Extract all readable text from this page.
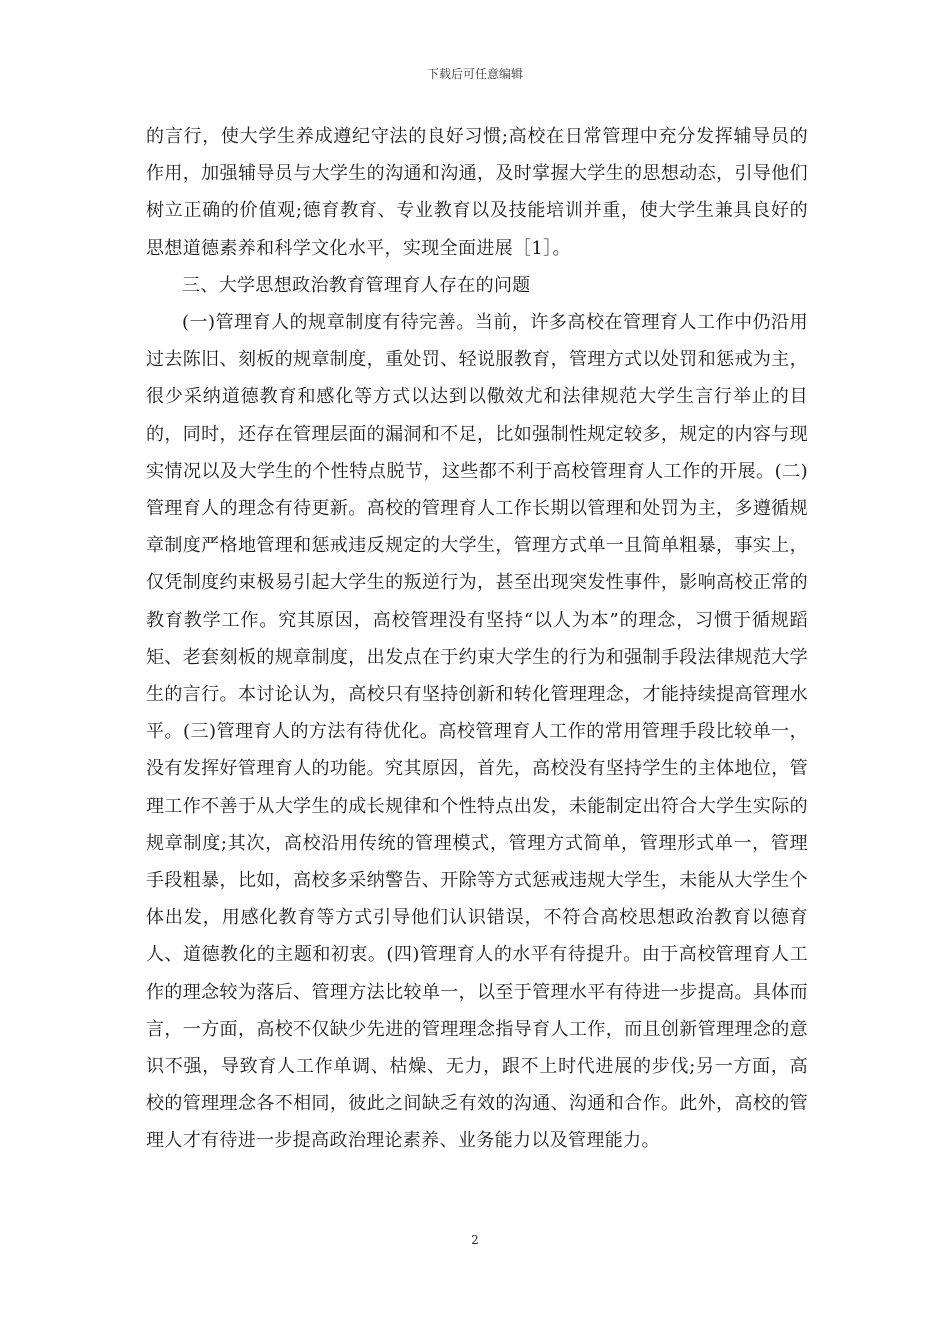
下载后可任意编辑

的言行，使大学生养成遵纪守法的良好习惯;高校在日常管理中充分发挥辅导员的作用，加强辅导员与大学生的沟通和沟通，及时掌握大学生的思想动态，引导他们树立正确的价值观;德育教育、专业教育以及技能培训并重，使大学生兼具良好的思想道德素养和科学文化水平，实现全面进展［1］。

三、大学思想政治教育管理育人存在的问题

(一)管理育人的规章制度有待完善。当前，许多高校在管理育人工作中仍沿用过去陈旧、刻板的规章制度，重处罚、轻说服教育，管理方式以处罚和惩戒为主，很少采纳道德教育和感化等方式以达到以儆效尤和法律规范大学生言行举止的目的，同时，还存在管理层面的漏洞和不足，比如强制性规定较多，规定的内容与现实情况以及大学生的个性特点脱节，这些都不利于高校管理育人工作的开展。(二)管理育人的理念有待更新。高校的管理育人工作长期以管理和处罚为主，多遵循规章制度严格地管理和惩戒违反规定的大学生，管理方式单一且简单粗暴，事实上，仅凭制度约束极易引起大学生的叛逆行为，甚至出现突发性事件，影响高校正常的教育教学工作。究其原因，高校管理没有坚持“以人为本”的理念，习惯于循规蹈矩、老套刻板的规章制度，出发点在于约束大学生的行为和强制手段法律规范大学生的言行。本讨论认为，高校只有坚持创新和转化管理理念，才能持续提高管理水平。(三)管理育人的方法有待优化。高校管理育人工作的常用管理手段比较单一，没有发挥好管理育人的功能。究其原因，首先，高校没有坚持学生的主体地位，管理工作不善于从大学生的成长规律和个性特点出发，未能制定出符合大学生实际的规章制度;其次，高校沿用传统的管理模式，管理方式简单，管理形式单一，管理手段粗暴，比如，高校多采纳警告、开除等方式惩戒违规大学生，未能从大学生个体出发，用感化教育等方式引导他们认识错误，不符合高校思想政治教育以德育人、道德教化的主题和初衷。(四)管理育人的水平有待提升。由于高校管理育人工作的理念较为落后、管理方法比较单一，以至于管理水平有待进一步提高。具体而言，一方面，高校不仅缺少先进的管理理念指导育人工作，而且创新管理理念的意识不强，导致育人工作单调、枯燥、无力，跟不上时代进展的步伐;另一方面，高校的管理理念各不相同，彼此之间缺乏有效的沟通、沟通和合作。此外，高校的管理人才有待进一步提高政治理论素养、业务能力以及管理能力。

2
